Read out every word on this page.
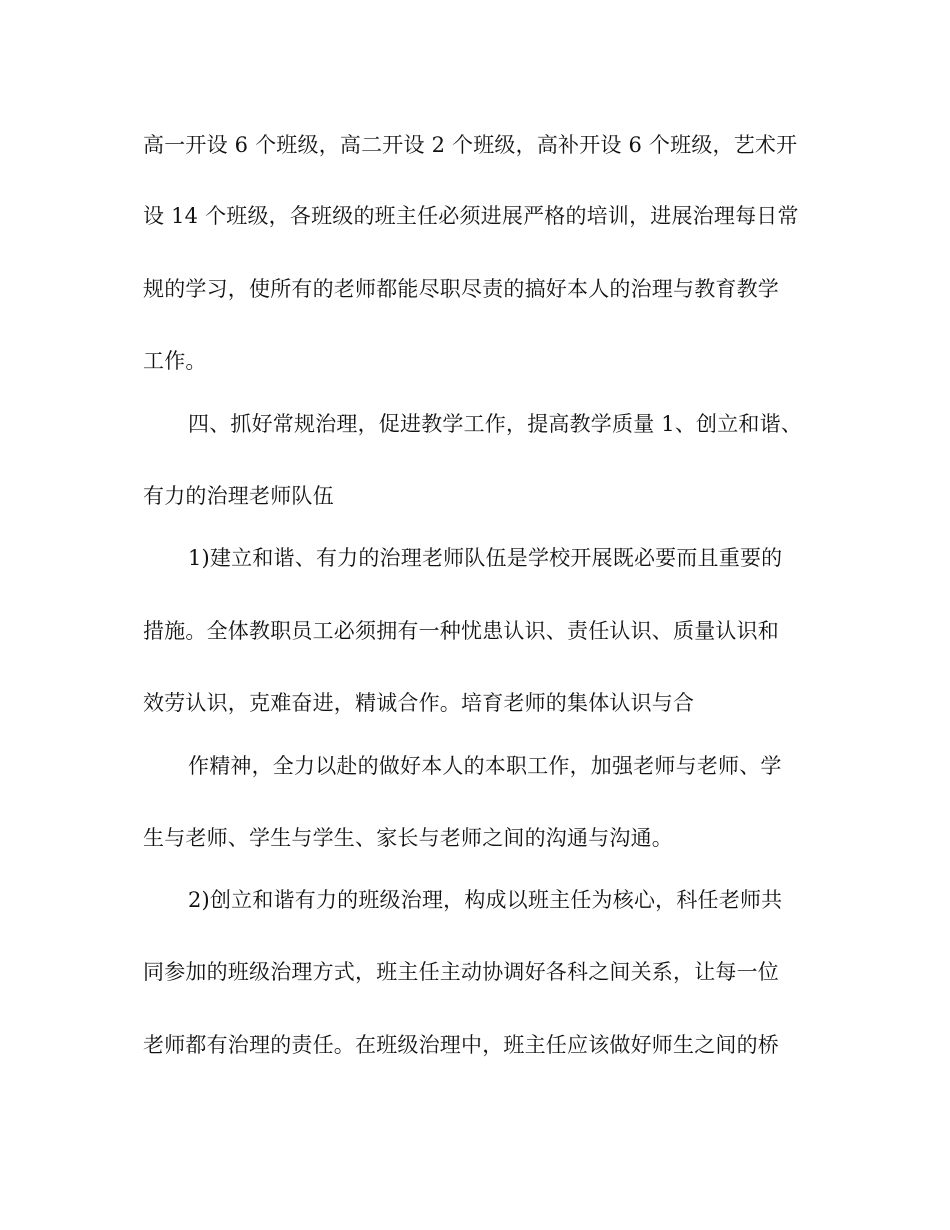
高一开设 6 个班级，高二开设 2 个班级，高补开设 6 个班级，艺术开
设 14 个班级，各班级的班主任必须进展严格的培训，进展治理每日常
规的学习，使所有的老师都能尽职尽责的搞好本人的治理与教育教学
工作。
四、抓好常规治理，促进教学工作，提高教学质量 1、创立和谐、
有力的治理老师队伍
1)建立和谐、有力的治理老师队伍是学校开展既必要而且重要的
措施。全体教职员工必须拥有一种忧患认识、责任认识、质量认识和
效劳认识，克难奋进，精诚合作。培育老师的集体认识与合
作精神，全力以赴的做好本人的本职工作，加强老师与老师、学
生与老师、学生与学生、家长与老师之间的沟通与沟通。
2)创立和谐有力的班级治理，构成以班主任为核心，科任老师共
同参加的班级治理方式，班主任主动协调好各科之间关系，让每一位
老师都有治理的责任。在班级治理中，班主任应该做好师生之间的桥
